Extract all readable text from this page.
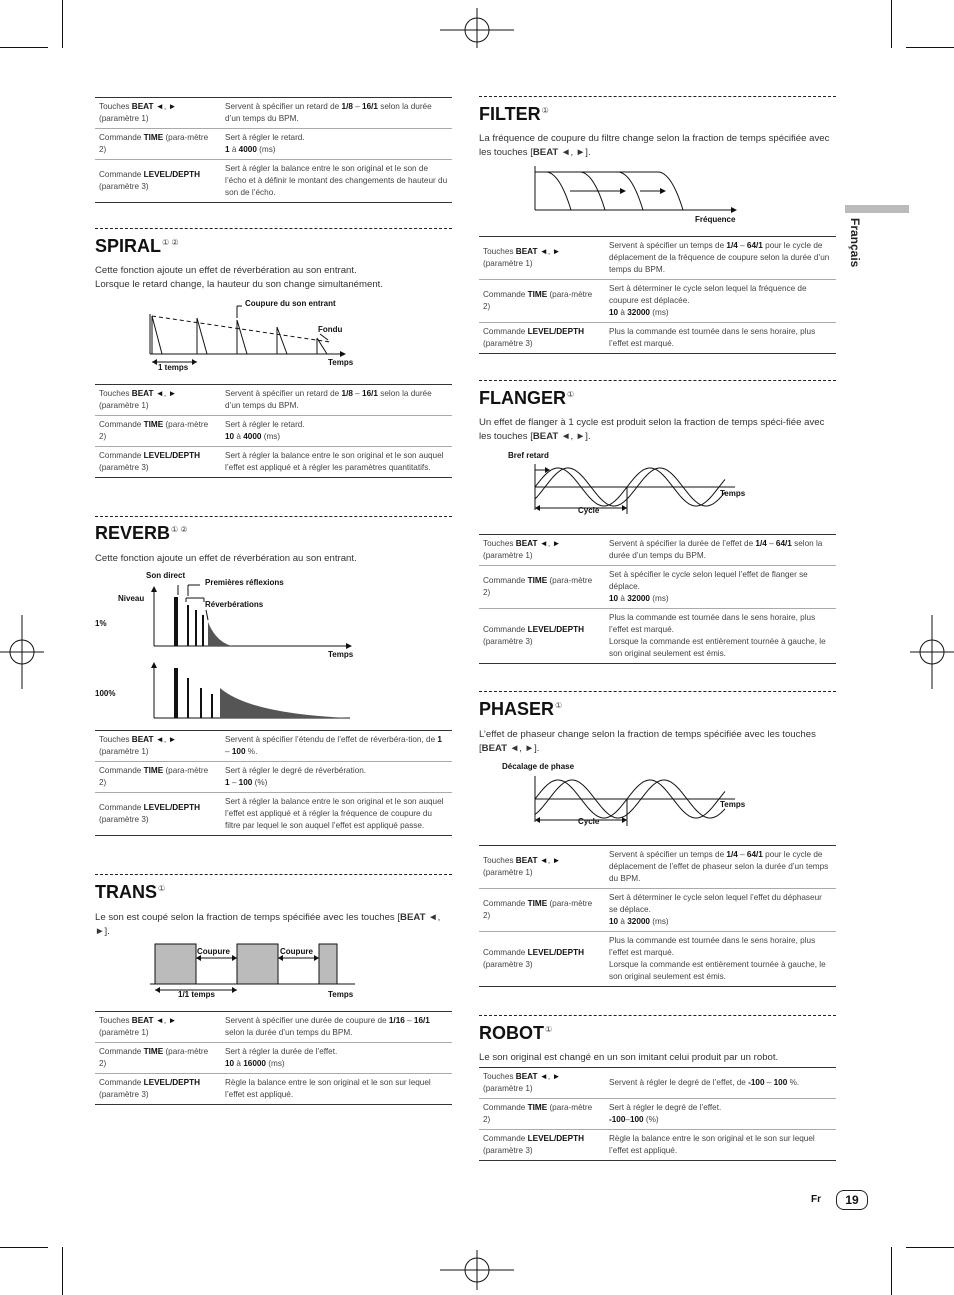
Français
Touches BEAT ◄, ► (paramètre 1)	Servent à spécifier un retard de 1/8 – 16/1 selon la durée d’un temps du BPM.
Commande TIME (para-mètre 2)	Sert à régler le retard.
1 à 4000 (ms)
Commande LEVEL/DEPTH (paramètre 3)	Sert à régler la balance entre le son original et le son de l’écho et à définir le montant des changements de hauteur du son de l’écho.
SPIRAL① ②
Cette fonction ajoute un effet de réverbération au son entrant.
Lorsque le retard change, la hauteur du son change simultanément.
Coupure du son entrant
Fondu
Temps
1 temps
Touches BEAT ◄, ► (paramètre 1)	Servent à spécifier un retard de 1/8 – 16/1 selon la durée d’un temps du BPM.
Commande TIME (para-mètre 2)	Sert à régler le retard.
10 à 4000 (ms)
Commande LEVEL/DEPTH (paramètre 3)	Sert à régler la balance entre le son original et le son auquel l’effet est appliqué et à régler les paramètres quantitatifs.
REVERB① ②
Cette fonction ajoute un effet de réverbération au son entrant.
Son direct
Premières réflexions
Niveau
Réverbérations
1%
Temps
100%
Touches BEAT ◄, ► (paramètre 1)	Servent à spécifier l’étendu de l’effet de réverbéra-tion, de 1 – 100 %.
Commande TIME (para-mètre 2)	Sert à régler le degré de réverbération.
1 – 100 (%)
Commande LEVEL/DEPTH (paramètre 3)	Sert à régler la balance entre le son original et le son auquel l’effet est appliqué et à régler la fréquence de coupure du filtre par lequel le son auquel l’effet est appliqué passe.
TRANS①
Le son est coupé selon la fraction de temps spécifiée avec les touches [BEAT ◄, ►].
Coupure	Coupure
1/1 temps	Temps
Touches BEAT ◄, ► (paramètre 1)	Servent à spécifier une durée de coupure de 1/16 – 16/1 selon la durée d’un temps du BPM.
Commande TIME (para-mètre 2)	Sert à régler la durée de l’effet.
10 à 16000 (ms)
Commande LEVEL/DEPTH (paramètre 3)	Règle la balance entre le son original et le son sur lequel l’effet est appliqué.
FILTER①
La fréquence de coupure du filtre change selon la fraction de temps spécifiée avec les touches [BEAT ◄, ►].
Fréquence
Touches BEAT ◄, ► (paramètre 1)	Servent à spécifier un temps de 1/4 – 64/1 pour le cycle de déplacement de la fréquence de coupure selon la durée d’un temps du BPM.
Commande TIME (para-mètre 2)	Sert à déterminer le cycle selon lequel la fréquence de coupure est déplacée.
10 à 32000 (ms)
Commande LEVEL/DEPTH (paramètre 3)	Plus la commande est tournée dans le sens horaire, plus l’effet est marqué.
FLANGER①
Un effet de flanger à 1 cycle est produit selon la fraction de temps spéci-fiée avec les touches [BEAT ◄, ►].
Bref retard
Temps
Cycle
Touches BEAT ◄, ► (paramètre 1)	Servent à spécifier la durée de l’effet de 1/4 – 64/1 selon la durée d’un temps du BPM.
Commande TIME (para-mètre 2)	Set à spécifier le cycle selon lequel l’effet de flanger se déplace.
10 à 32000 (ms)
Commande LEVEL/DEPTH (paramètre 3)	Plus la commande est tournée dans le sens horaire, plus l’effet est marqué.
Lorsque la commande est entièrement tournée à gauche, le son original seulement est émis.
PHASER①
L’effet de phaseur change selon la fraction de temps spécifiée avec les touches [BEAT ◄, ►].
Décalage de phase
Temps
Cycle
Touches BEAT ◄, ► (paramètre 1)	Servent à spécifier un temps de 1/4 – 64/1 pour le cycle de déplacement de l’effet de phaseur selon la durée d’un temps du BPM.
Commande TIME (para-mètre 2)	Sert à déterminer le cycle selon lequel l’effet du déphaseur se déplace.
10 à 32000 (ms)
Commande LEVEL/DEPTH (paramètre 3)	Plus la commande est tournée dans le sens horaire, plus l’effet est marqué.
Lorsque la commande est entièrement tournée à gauche, le son original seulement est émis.
ROBOT①
Le son original est changé en un son imitant celui produit par un robot.
Touches BEAT ◄, ► (paramètre 1)	Servent à régler le degré de l’effet, de -100 – 100 %.
Commande TIME (para-mètre 2)	Sert à régler le degré de l’effet.
-100–100 (%)
Commande LEVEL/DEPTH (paramètre 3)	Règle la balance entre le son original et le son sur lequel l’effet est appliqué.
Fr	19
